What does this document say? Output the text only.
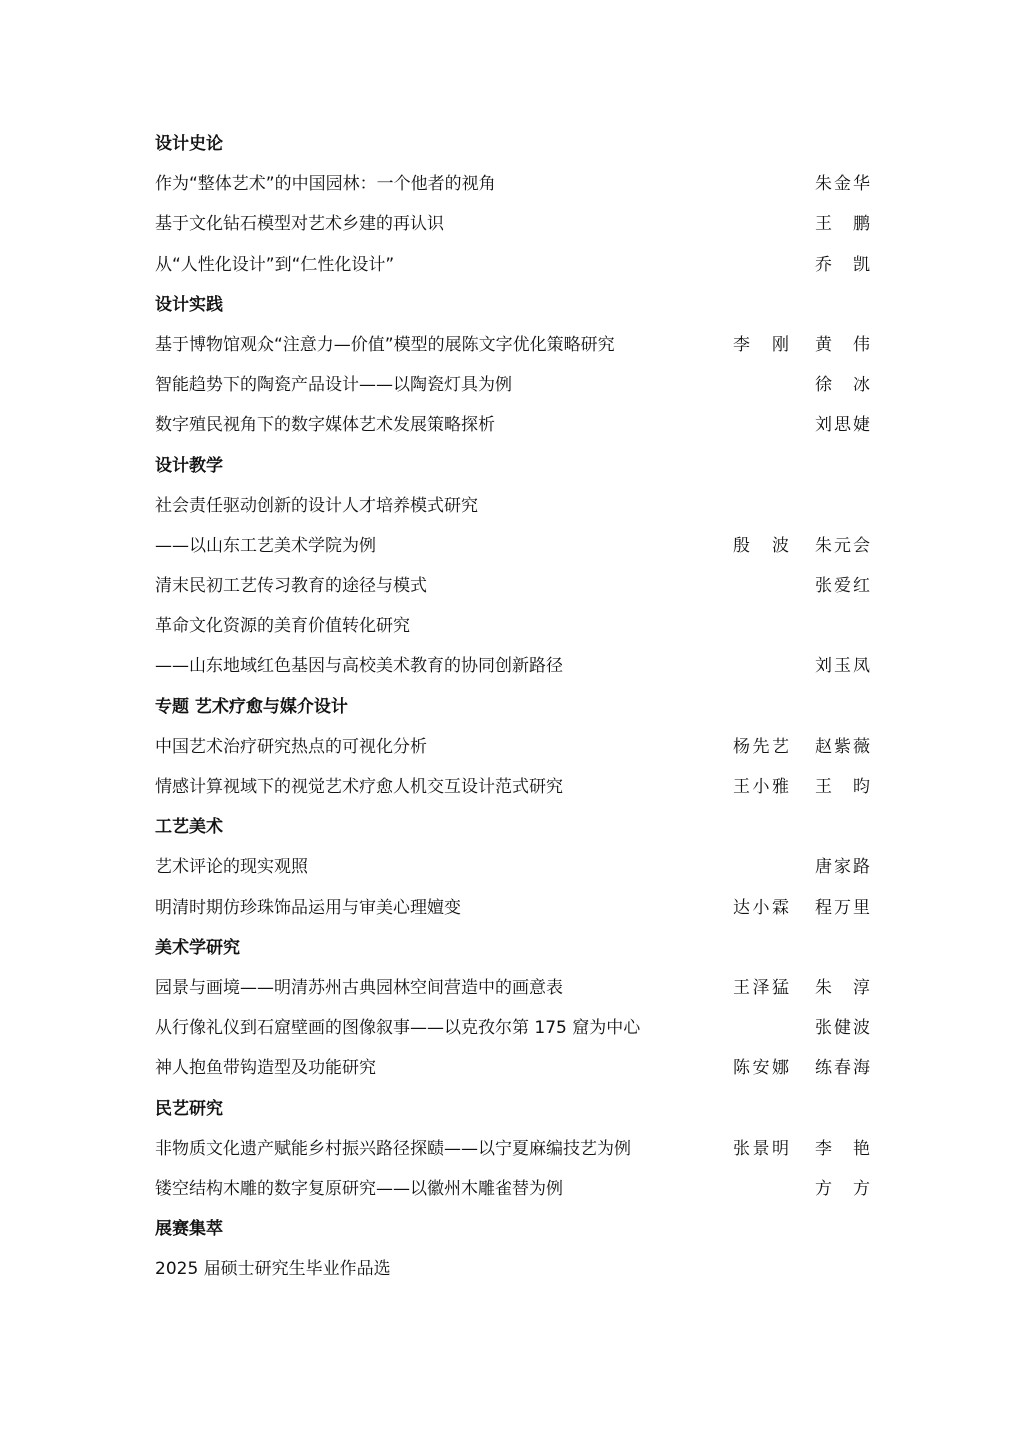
设计史论
作为“整体艺术”的中国园林：一个他者的视角	朱金华
基于文化钻石模型对艺术乡建的再认识	王 鹏
从“人性化设计”到“仁性化设计”	乔 凯
设计实践
基于博物馆观众“注意力—价值”模型的展陈文字优化策略研究	李 刚 黄 伟
智能趋势下的陶瓷产品设计——以陶瓷灯具为例	徐 冰
数字殖民视角下的数字媒体艺术发展策略探析	刘思婕
设计教学
社会责任驱动创新的设计人才培养模式研究
——以山东工艺美术学院为例	殷 波 朱元会
清末民初工艺传习教育的途径与模式	张爱红
革命文化资源的美育价值转化研究
——山东地域红色基因与高校美术教育的协同创新路径	刘玉凤
专题 艺术疗愈与媒介设计
中国艺术治疗研究热点的可视化分析	杨先艺 赵紫薇
情感计算视域下的视觉艺术疗愈人机交互设计范式研究	王小雅 王 昀
工艺美术
艺术评论的现实观照	唐家路
明清时期仿珍珠饰品运用与审美心理嬗变	达小霖 程万里
美术学研究
园景与画境——明清苏州古典园林空间营造中的画意表	王泽猛 朱 淳
从行像礼仪到石窟壁画的图像叙事——以克孜尔第 175 窟为中心	张健波
神人抱鱼带钩造型及功能研究	陈安娜 练春海
民艺研究
非物质文化遗产赋能乡村振兴路径探赜——以宁夏麻编技艺为例	张景明 李 艳
镂空结构木雕的数字复原研究——以徽州木雕雀替为例	方 方
展赛集萃
2025 届硕士研究生毕业作品选
